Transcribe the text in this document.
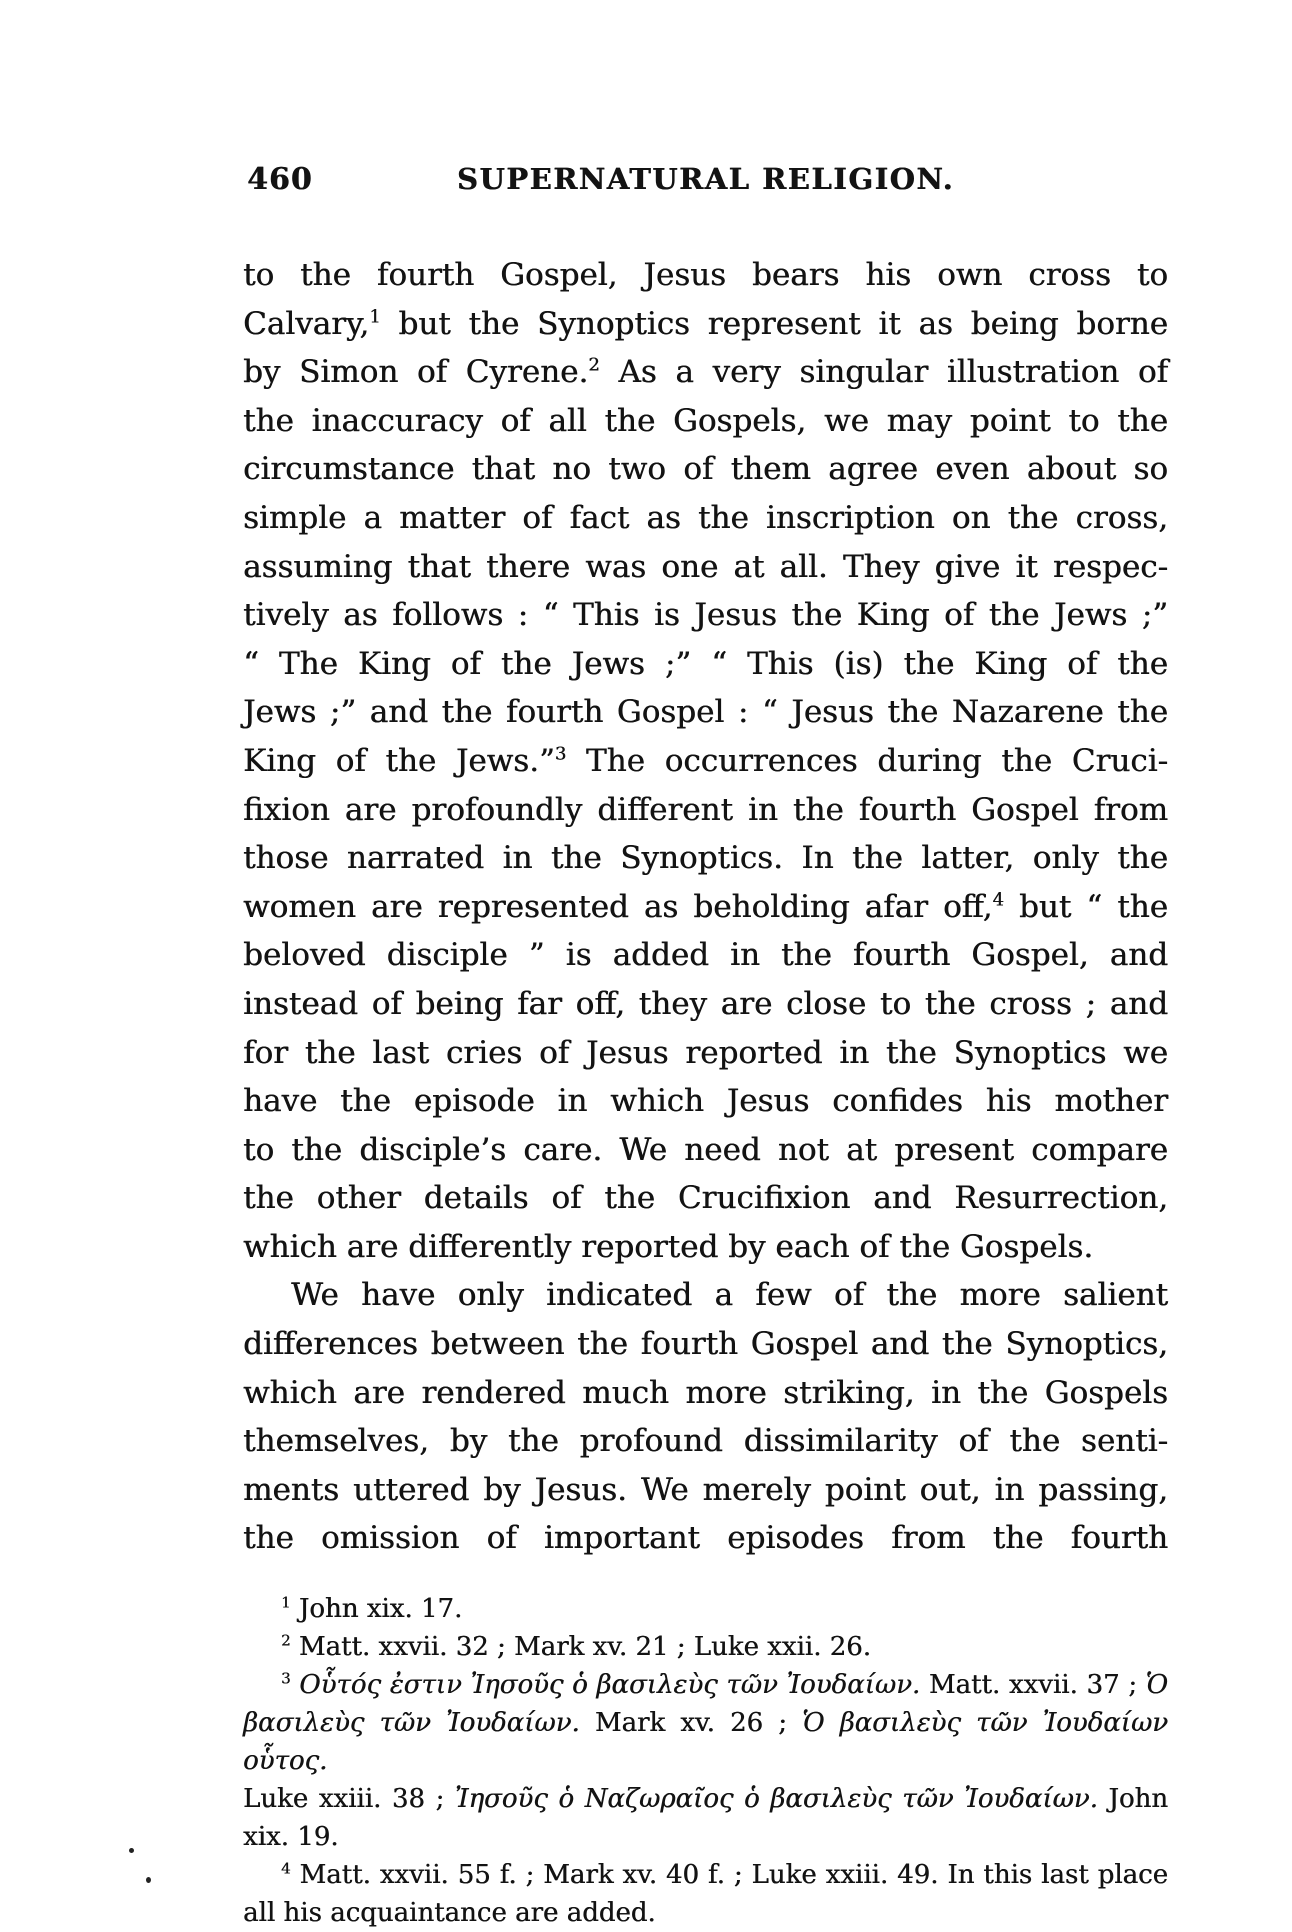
460	SUPERNATURAL RELIGION.
to the fourth Gospel, Jesus bears his own cross to
Calvary,$^1$ but the Synoptics represent it as being borne
by Simon of Cyrene.$^2$ As a very singular illustration of
the inaccuracy of all the Gospels, we may point to the
circumstance that no two of them agree even about so
simple a matter of fact as the inscription on the cross,
assuming that there was one at all. They give it respec-
tively as follows : “ This is Jesus the King of the Jews ;”
“ The King of the Jews ;” “ This (is) the King of the
Jews ;” and the fourth Gospel : “ Jesus the Nazarene the
King of the Jews.”$^3$ The occurrences during the Cruci-
fixion are profoundly different in the fourth Gospel from
those narrated in the Synoptics. In the latter, only the
women are represented as beholding afar off,$^4$ but “ the
beloved disciple ” is added in the fourth Gospel, and
instead of being far off, they are close to the cross ; and
for the last cries of Jesus reported in the Synoptics we
have the episode in which Jesus confides his mother
to the disciple’s care. We need not at present compare
the other details of the Crucifixion and Resurrection,
which are differently reported by each of the Gospels.
We have only indicated a few of the more salient
differences between the fourth Gospel and the Synoptics,
which are rendered much more striking, in the Gospels
themselves, by the profound dissimilarity of the senti-
ments uttered by Jesus. We merely point out, in passing,
the omission of important episodes from the fourth
$^1$ John xix. 17.
$^2$ Matt. xxvii. 32 ; Mark xv. 21 ; Luke xxii. 26.
$^3$ Οὗτός ἐστιν Ἰησοῦς ὁ βασιλεὺς τῶν Ἰουδαίων. Matt. xxvii. 37 ; Ὁ
βασιλεὺς τῶν Ἰουδαίων. Mark xv. 26 ; Ὁ βασιλεὺς τῶν Ἰουδαίων οὗτος.
Luke xxiii. 38 ; Ἰησοῦς ὁ Ναζωραῖος ὁ βασιλεὺς τῶν Ἰουδαίων. John
xix. 19.
$^4$ Matt. xxvii. 55 f. ; Mark xv. 40 f. ; Luke xxiii. 49. In this last place
all his acquaintance are added.
